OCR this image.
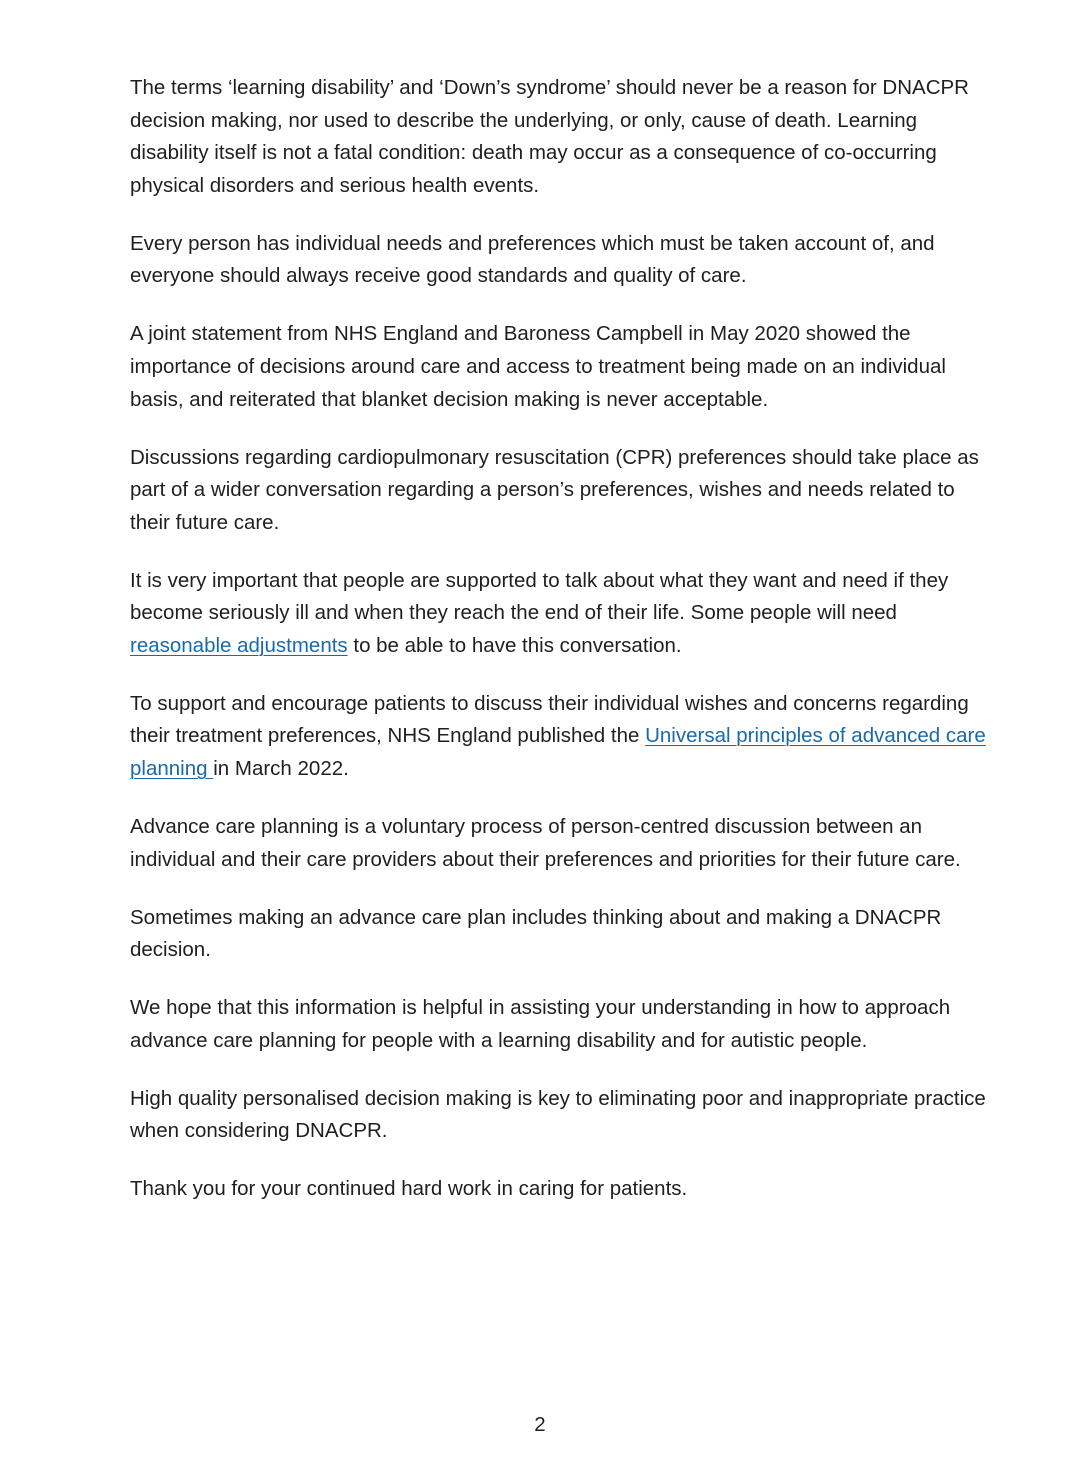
The terms ‘learning disability’ and ‘Down’s syndrome’ should never be a reason for DNACPR decision making, nor used to describe the underlying, or only, cause of death. Learning disability itself is not a fatal condition: death may occur as a consequence of co-occurring physical disorders and serious health events.

Every person has individual needs and preferences which must be taken account of, and everyone should always receive good standards and quality of care.

A joint statement from NHS England and Baroness Campbell in May 2020 showed the importance of decisions around care and access to treatment being made on an individual basis, and reiterated that blanket decision making is never acceptable.

Discussions regarding cardiopulmonary resuscitation (CPR) preferences should take place as part of a wider conversation regarding a person’s preferences, wishes and needs related to their future care.

It is very important that people are supported to talk about what they want and need if they become seriously ill and when they reach the end of their life. Some people will need reasonable adjustments to be able to have this conversation.

To support and encourage patients to discuss their individual wishes and concerns regarding their treatment preferences, NHS England published the Universal principles of advanced care planning in March 2022.

Advance care planning is a voluntary process of person-centred discussion between an individual and their care providers about their preferences and priorities for their future care.

Sometimes making an advance care plan includes thinking about and making a DNACPR decision.

We hope that this information is helpful in assisting your understanding in how to approach advance care planning for people with a learning disability and for autistic people.

High quality personalised decision making is key to eliminating poor and inappropriate practice when considering DNACPR.

Thank you for your continued hard work in caring for patients.

2
